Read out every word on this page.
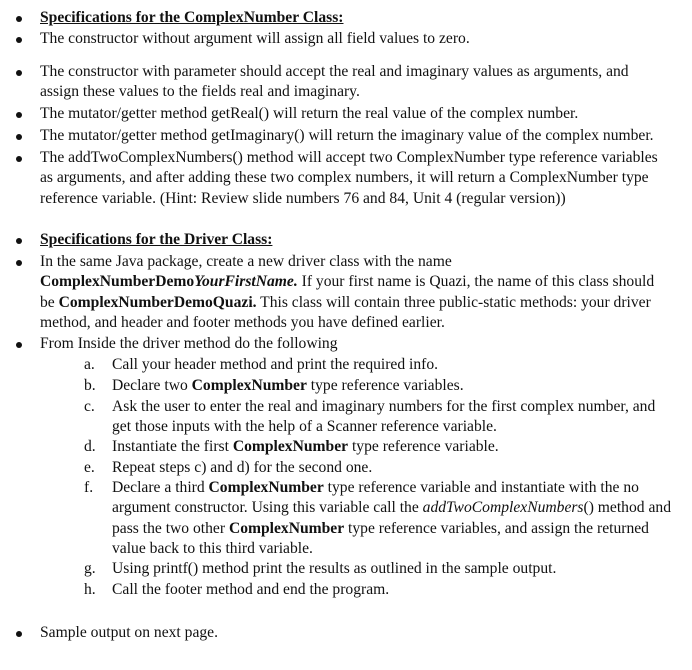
Specifications for the ComplexNumber Class:
The constructor without argument will assign all field values to zero.
The constructor with parameter should accept the real and imaginary values as arguments, and assign these values to the fields real and imaginary.
The mutator/getter method getReal() will return the real value of the complex number.
The mutator/getter method getImaginary() will return the imaginary value of the complex number.
The addTwoComplexNumbers() method will accept two ComplexNumber type reference variables as arguments, and after adding these two complex numbers, it will return a ComplexNumber type reference variable. (Hint: Review slide numbers 76 and 84, Unit 4 (regular version))
Specifications for the Driver Class:
In the same Java package, create a new driver class with the name
ComplexNumberDemoYourFirstName. If your first name is Quazi, the name of this class should be ComplexNumberDemoQuazi. This class will contain three public-static methods: your driver method, and header and footer methods you have defined earlier.
From Inside the driver method do the following
a. Call your header method and print the required info.
b. Declare two ComplexNumber type reference variables.
c. Ask the user to enter the real and imaginary numbers for the first complex number, and get those inputs with the help of a Scanner reference variable.
d. Instantiate the first ComplexNumber type reference variable.
e. Repeat steps c) and d) for the second one.
f. Declare a third ComplexNumber type reference variable and instantiate with the no argument constructor. Using this variable call the addTwoComplexNumbers() method and pass the two other ComplexNumber type reference variables, and assign the returned value back to this third variable.
g. Using printf() method print the results as outlined in the sample output.
h. Call the footer method and end the program.
Sample output on next page.
